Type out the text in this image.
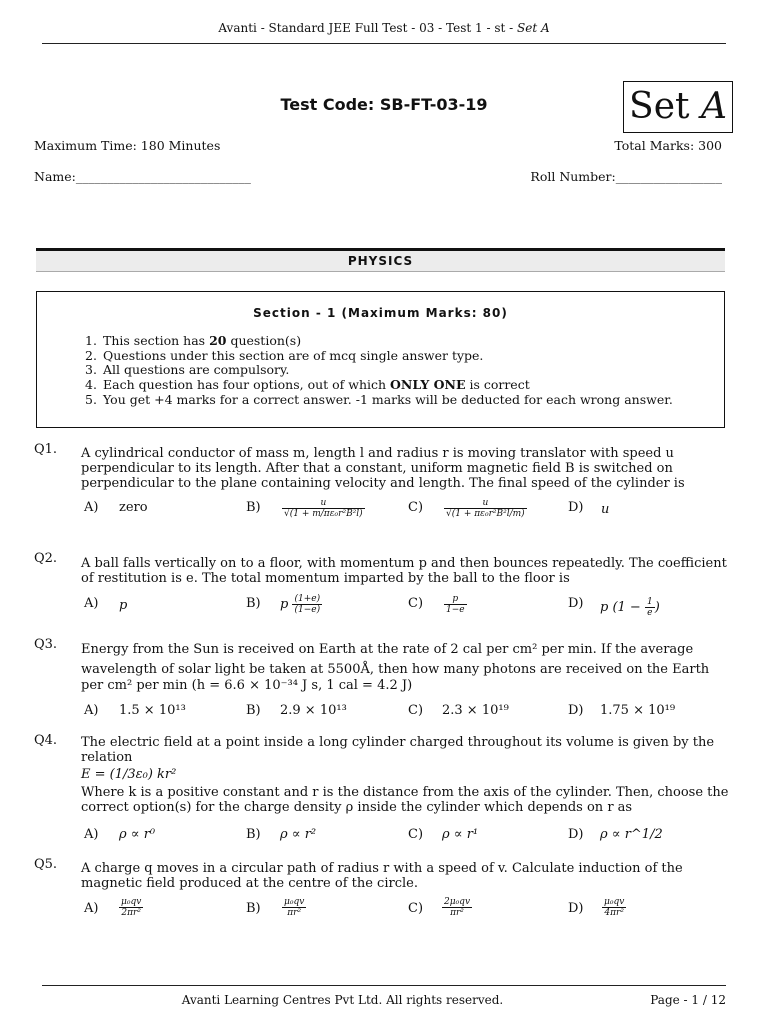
Avanti - Standard JEE Full Test - 03 - Test 1 - st - Set A
Set A
Test Code: SB-FT-03-19
Maximum Time: 180 Minutes	Total Marks: 300
Name:____________________________	Roll Number:_________________
PHYSICS
Section - 1 (Maximum Marks: 80)
1. This section has 20 question(s)
2. Questions under this section are of mcq single answer type.
3. All questions are compulsory.
4. Each question has four options, out of which ONLY ONE is correct
5. You get +4 marks for a correct answer. -1 marks will be deducted for each wrong answer.
Q1. A cylindrical conductor of mass m, length l and radius r is moving translator with speed u
perpendicular to its length. After that a constant, uniform magnetic field B is switched on
perpendicular to the plane containing velocity and length. The final speed of the cylinder is
A) zero	$B) \frac{u}{\text{√(1 + m/πε₀r²B²l)}}$	$C) \frac{u}{\text{√(1 + πε₀r²B²l/m)}}$	D) u
Q2. A ball falls vertically on to a floor, with momentum p and then bounces repeatedly. The coefficient
of restitution is e. The total momentum imparted by the ball to the floor is
A) p	B) p $\frac{(1+e)}{(1-e)}$	$C) \frac{p}{1-e}$	D) p ($1 - \frac{1}{e}$ )
Q3. Energy from the Sun is received on Earth at the rate of 2 cal per cm² per min. If the average
wavelength of solar light be taken at 5500Å, then how many photons are received on the Earth
per cm² per min (h = 6.6 × 10⁻³⁴ J s, 1 cal = 4.2 J)
A) 1.5 × 10¹³	B) 2.9 × 10¹³	C) 2.3 × 10¹⁹	D) 1.75 × 10¹⁹
Q4. The electric field at a point inside a long cylinder charged throughout its volume is given by the
relation
E = (1/3ε₀) kr²
Where k is a positive constant and r is the distance from the axis of the cylinder. Then, choose the
correct option(s) for the charge density ρ inside the cylinder which depends on r as
A) ρ ∝ r⁰	B) ρ ∝ r²	C) ρ ∝ r¹	D) ρ ∝ r^1/2
Q5. A charge q moves in a circular path of radius r with a speed of v. Calculate induction of the
magnetic field produced at the centre of the circle.
$A) \frac{\text{μ₀qv}}{\text{2πr²}}$	$B) \frac{\text{μ₀qv}}{\text{πr²}}$	$C) \frac{\text{2μ₀qv}}{\text{πr²}}$	$D) \frac{\text{μ₀qv}}{\text{4πr²}}$
Avanti Learning Centres Pvt Ltd. All rights reserved.	Page - 1 / 12
